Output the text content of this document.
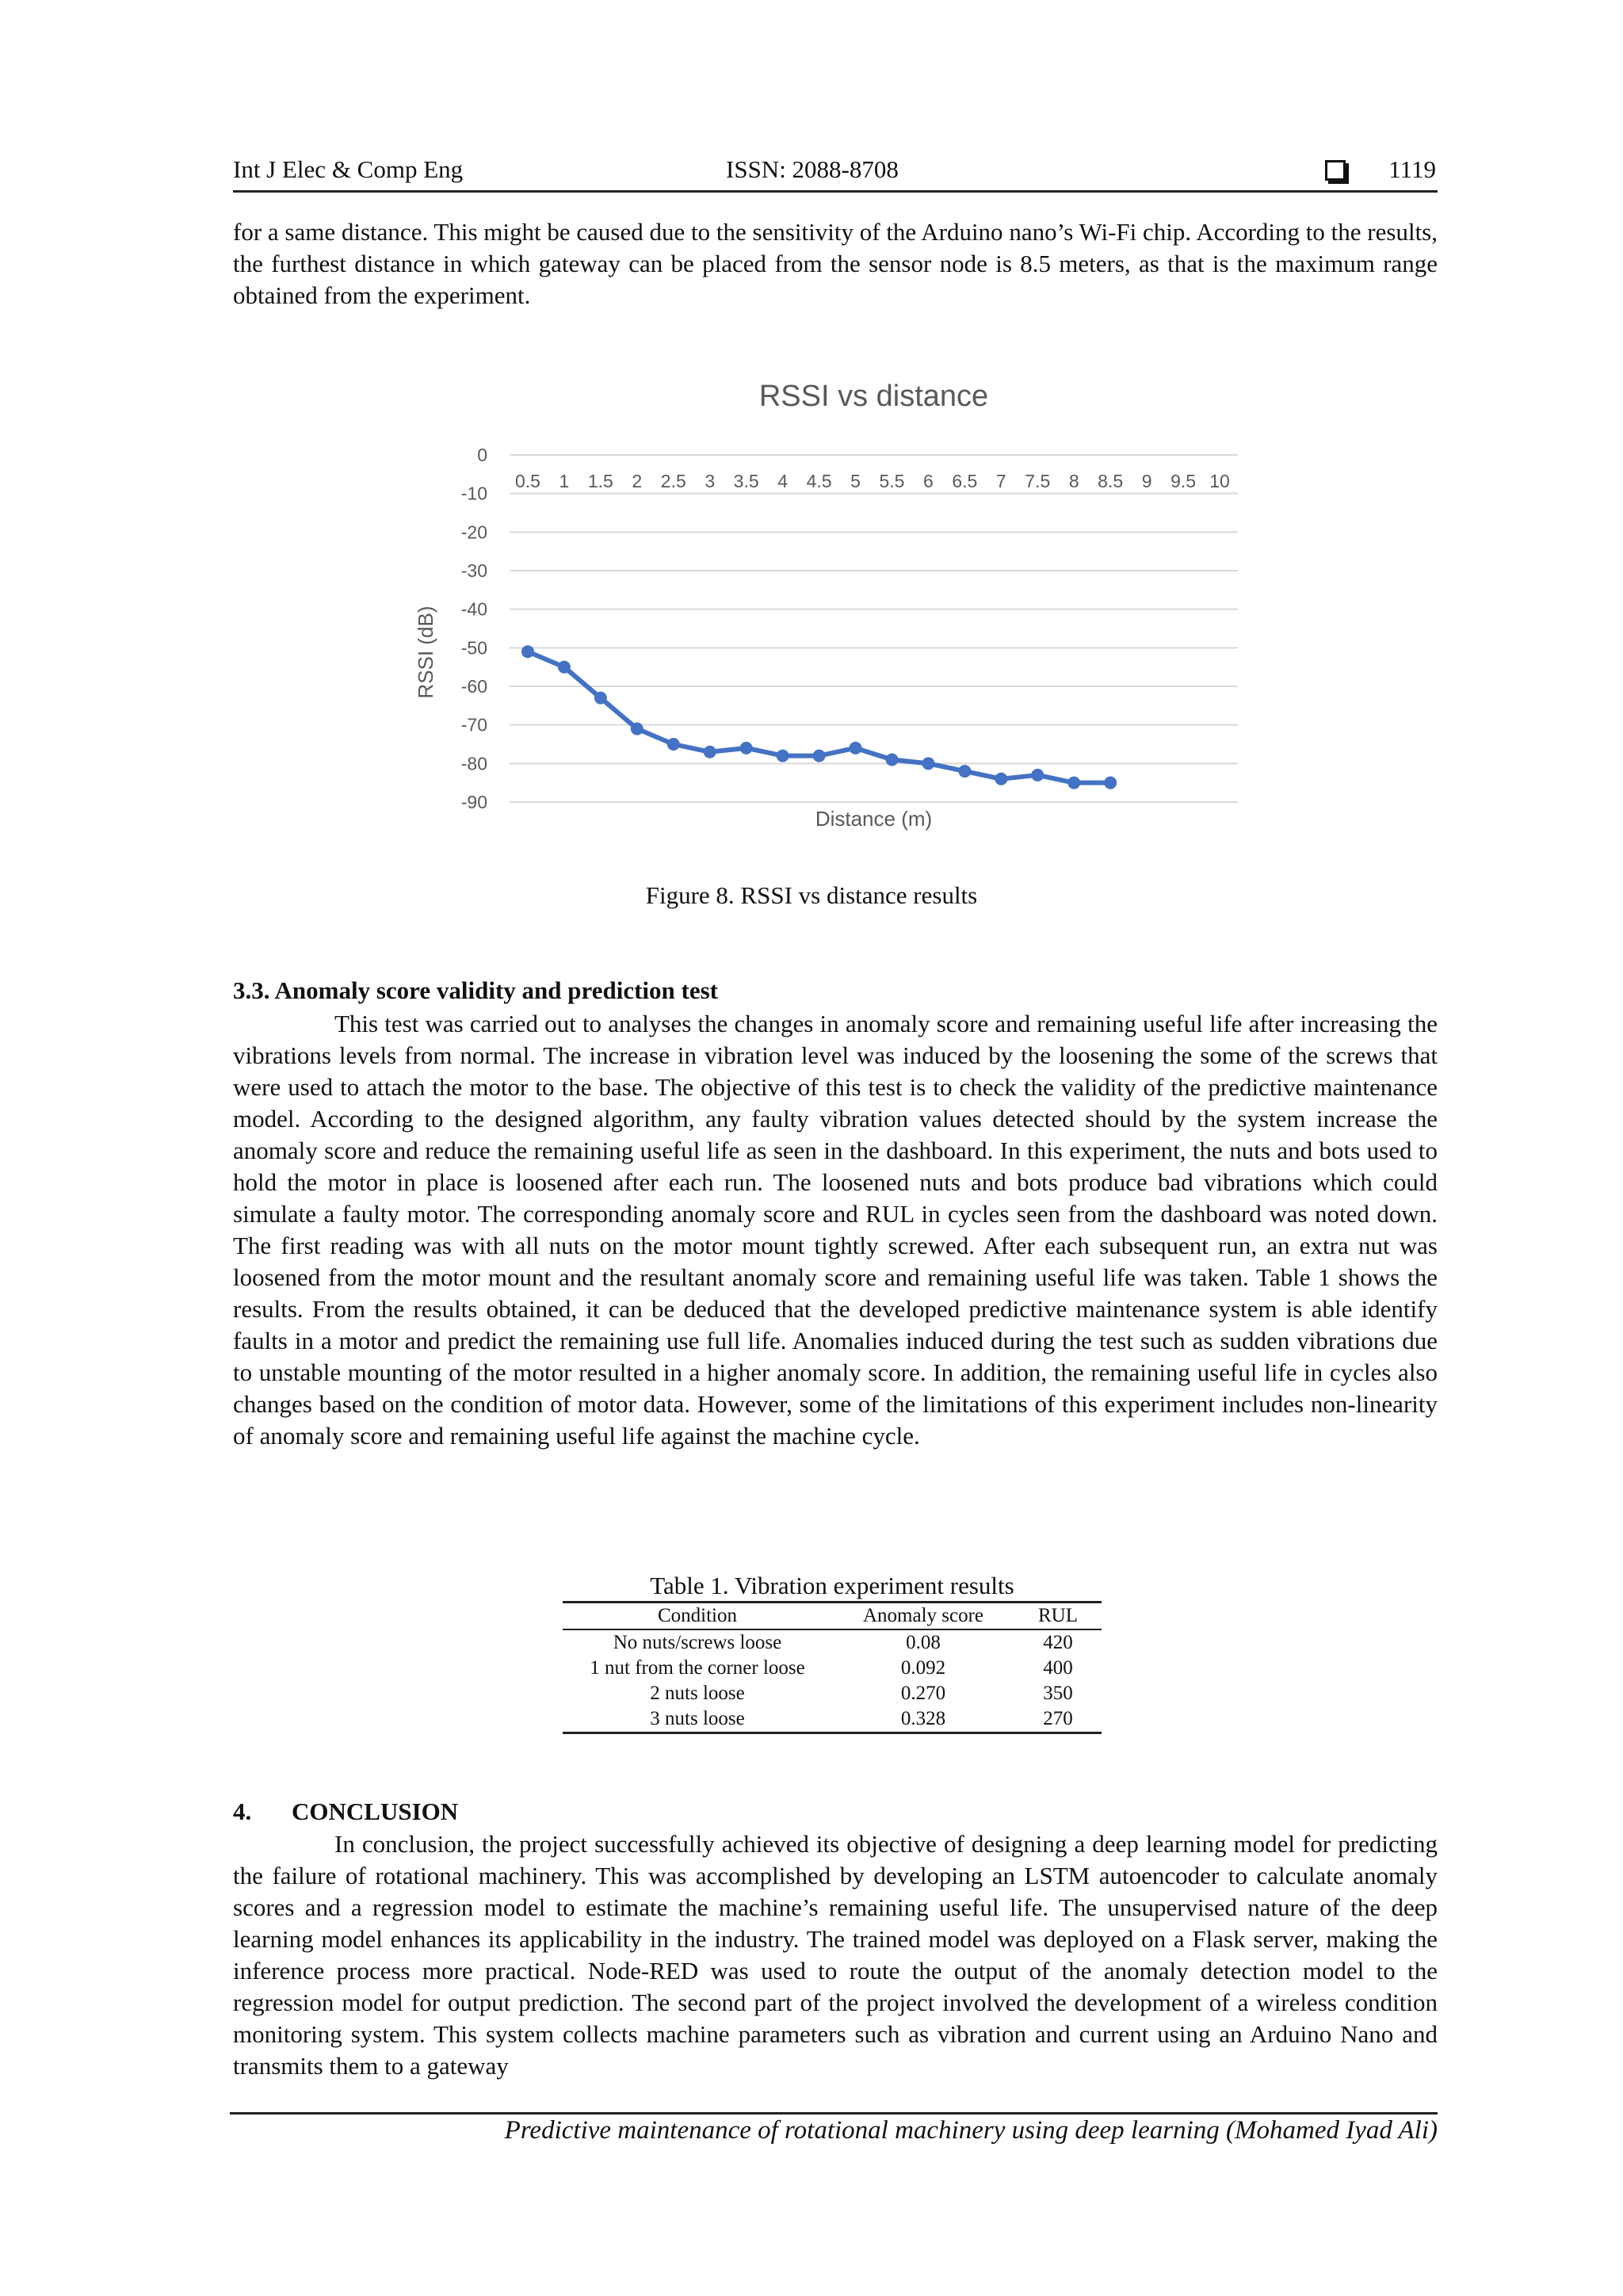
Int J Elec & Comp Eng	ISSN: 2088-8708	1119

for a same distance. This might be caused due to the sensitivity of the Arduino nano’s Wi-Fi chip. According to the results, the furthest distance in which gateway can be placed from the sensor node is 8.5 meters, as that is the maximum range obtained from the experiment.

RSSI vs distance
0
-10
-20
-30
-40
-50
-60
-70
-80
-90
0.5 1 1.5 2 2.5 3 3.5 4 4.5 5 5.5 6 6.5 7 7.5 8 8.5 9 9.5 10
Distance (m)
RSSI (dB)

Figure 8. RSSI vs distance results

3.3. Anomaly score validity and prediction test

This test was carried out to analyses the changes in anomaly score and remaining useful life after increasing the vibrations levels from normal. The increase in vibration level was induced by the loosening the some of the screws that were used to attach the motor to the base. The objective of this test is to check the validity of the predictive maintenance model. According to the designed algorithm, any faulty vibration values detected should by the system increase the anomaly score and reduce the remaining useful life as seen in the dashboard. In this experiment, the nuts and bots used to hold the motor in place is loosened after each run. The loosened nuts and bots produce bad vibrations which could simulate a faulty motor. The corresponding anomaly score and RUL in cycles seen from the dashboard was noted down. The first reading was with all nuts on the motor mount tightly screwed. After each subsequent run, an extra nut was loosened from the motor mount and the resultant anomaly score and remaining useful life was taken. Table 1 shows the results. From the results obtained, it can be deduced that the developed predictive maintenance system is able identify faults in a motor and predict the remaining use full life. Anomalies induced during the test such as sudden vibrations due to unstable mounting of the motor resulted in a higher anomaly score. In addition, the remaining useful life in cycles also changes based on the condition of motor data. However, some of the limitations of this experiment includes non-linearity of anomaly score and remaining useful life against the machine cycle.

Table 1. Vibration experiment results

Condition	Anomaly score	RUL
No nuts/screws loose	0.08	420
1 nut from the corner loose	0.092	400
2 nuts loose	0.270	350
3 nuts loose	0.328	270

4. CONCLUSION

In conclusion, the project successfully achieved its objective of designing a deep learning model for predicting the failure of rotational machinery. This was accomplished by developing an LSTM autoencoder to calculate anomaly scores and a regression model to estimate the machine’s remaining useful life. The unsupervised nature of the deep learning model enhances its applicability in the industry. The trained model was deployed on a Flask server, making the inference process more practical. Node-RED was used to route the output of the anomaly detection model to the regression model for output prediction. The second part of the project involved the development of a wireless condition monitoring system. This system collects machine parameters such as vibration and current using an Arduino Nano and transmits them to a gateway

Predictive maintenance of rotational machinery using deep learning (Mohamed Iyad Ali)
